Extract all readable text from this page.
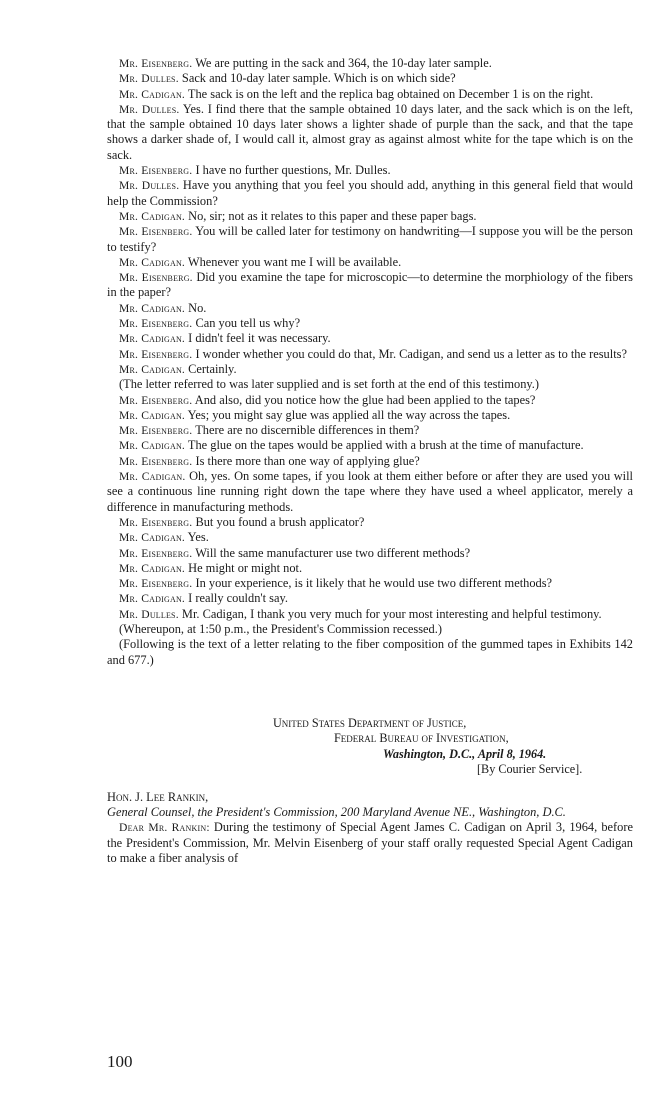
Mr. Eisenberg. We are putting in the sack and 364, the 10-day later sample.

Mr. Dulles. Sack and 10-day later sample. Which is on which side?

Mr. Cadigan. The sack is on the left and the replica bag obtained on December 1 is on the right.

Mr. Dulles. Yes. I find there that the sample obtained 10 days later, and the sack which is on the left, that the sample obtained 10 days later shows a lighter shade of purple than the sack, and that the tape shows a darker shade of, I would call it, almost gray as against almost white for the tape which is on the sack.

Mr. Eisenberg. I have no further questions, Mr. Dulles.

Mr. Dulles. Have you anything that you feel you should add, anything in this general field that would help the Commission?

Mr. Cadigan. No, sir; not as it relates to this paper and these paper bags.

Mr. Eisenberg. You will be called later for testimony on handwriting—I suppose you will be the person to testify?

Mr. Cadigan. Whenever you want me I will be available.

Mr. Eisenberg. Did you examine the tape for microscopic—to determine the morphiology of the fibers in the paper?

Mr. Cadigan. No.

Mr. Eisenberg. Can you tell us why?

Mr. Cadigan. I didn't feel it was necessary.

Mr. Eisenberg. I wonder whether you could do that, Mr. Cadigan, and send us a letter as to the results?

Mr. Cadigan. Certainly.

(The letter referred to was later supplied and is set forth at the end of this testimony.)

Mr. Eisenberg. And also, did you notice how the glue had been applied to the tapes?

Mr. Cadigan. Yes; you might say glue was applied all the way across the tapes.

Mr. Eisenberg. There are no discernible differences in them?

Mr. Cadigan. The glue on the tapes would be applied with a brush at the time of manufacture.

Mr. Eisenberg. Is there more than one way of applying glue?

Mr. Cadigan. Oh, yes. On some tapes, if you look at them either before or after they are used you will see a continuous line running right down the tape where they have used a wheel applicator, merely a difference in manufacturing methods.

Mr. Eisenberg. But you found a brush applicator?

Mr. Cadigan. Yes.

Mr. Eisenberg. Will the same manufacturer use two different methods?

Mr. Cadigan. He might or might not.

Mr. Eisenberg. In your experience, is it likely that he would use two different methods?

Mr. Cadigan. I really couldn't say.

Mr. Dulles. Mr. Cadigan, I thank you very much for your most interesting and helpful testimony.

(Whereupon, at 1:50 p.m., the President's Commission recessed.)

(Following is the text of a letter relating to the fiber composition of the gummed tapes in Exhibits 142 and 677.)

United States Department of Justice,
Federal Bureau of Investigation,
Washington, D.C., April 8, 1964.
[By Courier Service].
Hon. J. Lee Rankin,
General Counsel, the President's Commission, 200 Maryland Avenue NE., Washington, D.C.

Dear Mr. Rankin: During the testimony of Special Agent James C. Cadigan on April 3, 1964, before the President's Commission, Mr. Melvin Eisenberg of your staff orally requested Special Agent Cadigan to make a fiber analysis of

100
